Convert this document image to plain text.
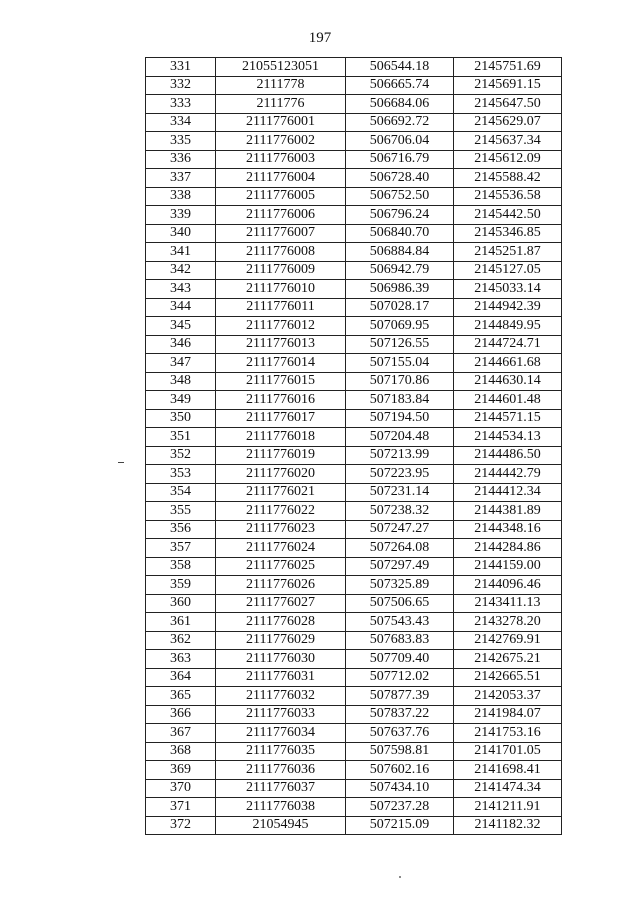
197
331	21055123051	506544.18	2145751.69
332	2111778	506665.74	2145691.15
333	2111776	506684.06	2145647.50
334	2111776001	506692.72	2145629.07
335	2111776002	506706.04	2145637.34
336	2111776003	506716.79	2145612.09
337	2111776004	506728.40	2145588.42
338	2111776005	506752.50	2145536.58
339	2111776006	506796.24	2145442.50
340	2111776007	506840.70	2145346.85
341	2111776008	506884.84	2145251.87
342	2111776009	506942.79	2145127.05
343	2111776010	506986.39	2145033.14
344	2111776011	507028.17	2144942.39
345	2111776012	507069.95	2144849.95
346	2111776013	507126.55	2144724.71
347	2111776014	507155.04	2144661.68
348	2111776015	507170.86	2144630.14
349	2111776016	507183.84	2144601.48
350	2111776017	507194.50	2144571.15
351	2111776018	507204.48	2144534.13
352	2111776019	507213.99	2144486.50
353	2111776020	507223.95	2144442.79
354	2111776021	507231.14	2144412.34
355	2111776022	507238.32	2144381.89
356	2111776023	507247.27	2144348.16
357	2111776024	507264.08	2144284.86
358	2111776025	507297.49	2144159.00
359	2111776026	507325.89	2144096.46
360	2111776027	507506.65	2143411.13
361	2111776028	507543.43	2143278.20
362	2111776029	507683.83	2142769.91
363	2111776030	507709.40	2142675.21
364	2111776031	507712.02	2142665.51
365	2111776032	507877.39	2142053.37
366	2111776033	507837.22	2141984.07
367	2111776034	507637.76	2141753.16
368	2111776035	507598.81	2141701.05
369	2111776036	507602.16	2141698.41
370	2111776037	507434.10	2141474.34
371	2111776038	507237.28	2141211.91
372	21054945	507215.09	2141182.32
